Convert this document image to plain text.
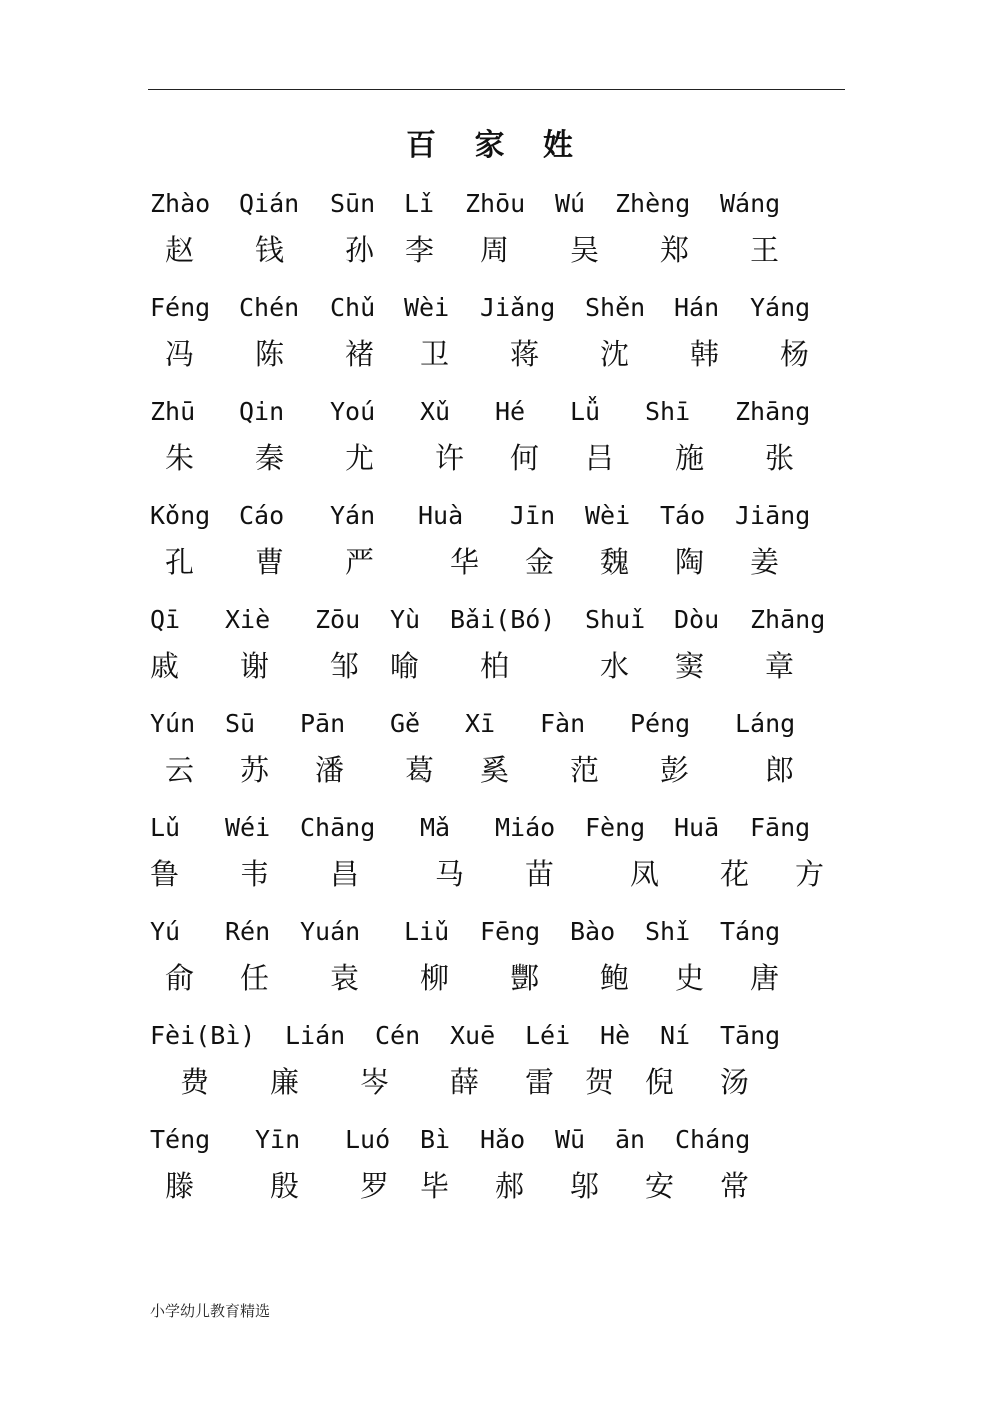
百 家 姓
Zhào Qián Sūn Lǐ Zhōu Wú Zhèng Wáng
赵 钱 孙 李 周 吴 郑 王
Féng Chén Chǔ Wèi Jiǎng Shěn Hán Yáng
冯 陈 褚 卫 蒋 沈 韩 杨
Zhū Qin Yoú Xǔ Hé Lǚ Shī Zhāng
朱 秦 尤 许 何 吕 施 张
Kǒng Cáo Yán Huà Jīn Wèi Táo Jiāng
孔 曹 严	华 金 魏 陶 姜
Qī Xiè Zōu Yù Bǎi(Bó) Shuǐ Dòu Zhāng
戚 谢 邹 喻 柏	水 窦 章
Yún Sū Pān Gě Xī Fàn Péng Láng
云 苏 潘 葛 奚 范 彭	郎
Lǔ Wéi Chāng Mǎ Miáo Fèng Huā Fāng
鲁 韦 昌	马 苗	凤 花 方
Yú Rén Yuán Liǔ Fēng Bào Shǐ Táng
俞 任 袁 柳 酆 鲍 史 唐
Fèi(Bì) Lián Cén Xuē Léi Hè Ní Tāng
费 廉 岑 薛 雷 贺 倪 汤
Téng Yīn Luó Bì Hǎo Wū ān Cháng
滕	殷 罗 毕 郝 邬 安 常
小学幼儿教育精选
